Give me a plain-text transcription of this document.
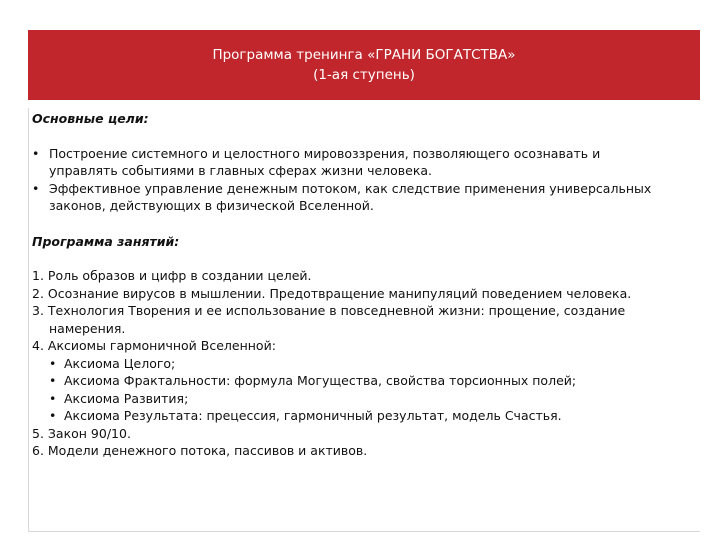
Программа тренинга «ГРАНИ БОГАТСТВА»
(1-ая ступень)
Основные цели:
• Построение системного и целостного мировоззрения, позволяющего осознавать и
управлять событиями в главных сферах жизни человека.
• Эффективное управление денежным потоком, как следствие применения универсальных
законов, действующих в физической Вселенной.
Программа занятий:
1. Роль образов и цифр в создании целей.
2. Осознание вирусов в мышлении. Предотвращение манипуляций поведением человека.
3. Технология Творения и ее использование в повседневной жизни: прощение, создание
намерения.
4. Аксиомы гармоничной Вселенной:
• Аксиома Целого;
• Аксиома Фрактальности: формула Могущества, свойства торсионных полей;
• Аксиома Развития;
• Аксиома Результата: прецессия, гармоничный результат, модель Счастья.
5. Закон 90/10.
6. Модели денежного потока, пассивов и активов.
